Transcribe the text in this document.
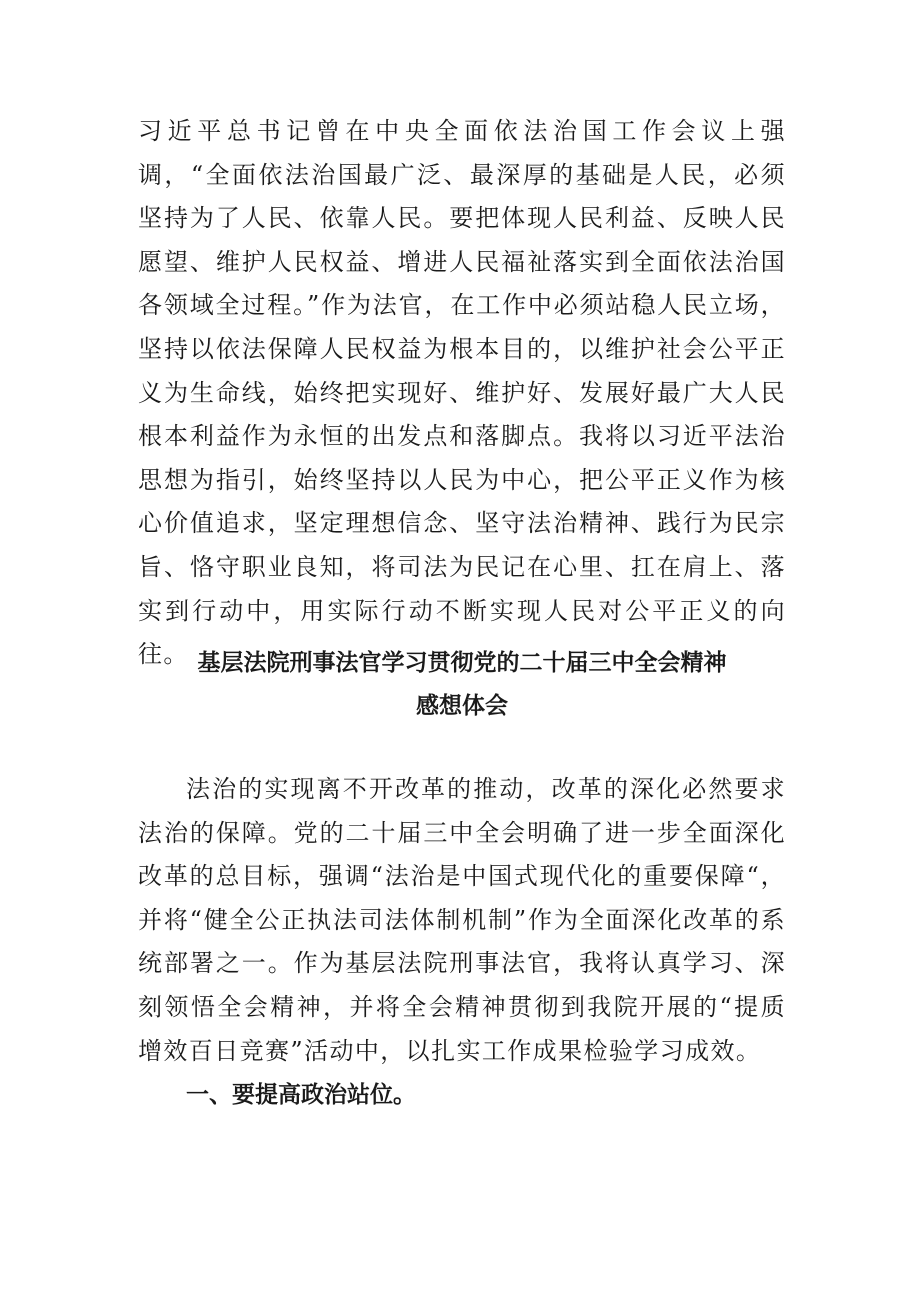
习近平总书记曾在中央全面依法治国工作会议上强调，“全面依法治国最广泛、最深厚的基础是人民，必须坚持为了人民、依靠人民。要把体现人民利益、反映人民愿望、维护人民权益、增进人民福祉落实到全面依法治国各领域全过程。”作为法官，在工作中必须站稳人民立场，坚持以依法保障人民权益为根本目的，以维护社会公平正义为生命线，始终把实现好、维护好、发展好最广大人民根本利益作为永恒的出发点和落脚点。我将以习近平法治思想为指引，始终坚持以人民为中心，把公平正义作为核心价值追求，坚定理想信念、坚守法治精神、践行为民宗旨、恪守职业良知，将司法为民记在心里、扛在肩上、落实到行动中，用实际行动不断实现人民对公平正义的向往。 基层法院刑事法官学习贯彻党的二十届三中全会精神
感想体会

法治的实现离不开改革的推动，改革的深化必然要求法治的保障。党的二十届三中全会明确了进一步全面深化改革的总目标，强调“法治是中国式现代化的重要保障“，并将“健全公正执法司法体制机制”作为全面深化改革的系统部署之一。作为基层法院刑事法官，我将认真学习、深刻领悟全会精神，并将全会精神贯彻到我院开展的“提质增效百日竞赛”活动中，以扎实工作成果检验学习成效。

一、要提高政治站位。
